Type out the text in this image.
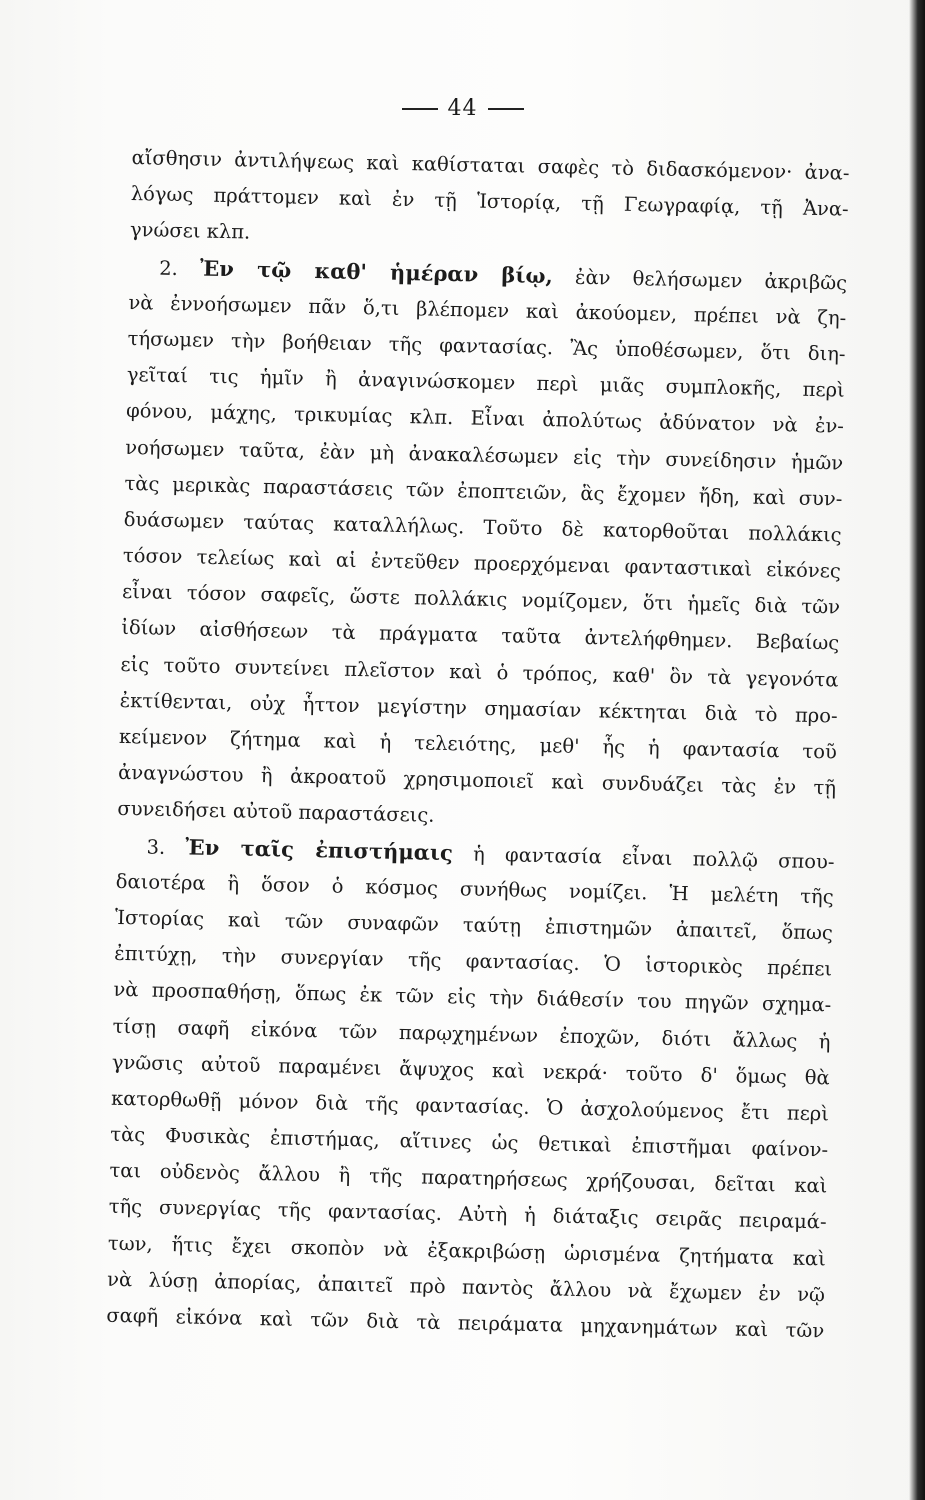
44
αἴσθησιν ἀντιλήψεως καὶ καθίσταται σαφὲς τὸ διδασκόμενον· ἀνα-
λόγως πράττομεν καὶ ἐν τῇ Ἱστορίᾳ, τῇ Γεωγραφίᾳ, τῇ Ἀνα-
γνώσει κλπ.
2. Ἐν τῷ καθ' ἡμέραν βίῳ, ἐὰν θελήσωμεν ἀκριβῶς
νὰ ἐννοήσωμεν πᾶν ὅ,τι βλέπομεν καὶ ἀκούομεν, πρέπει νὰ ζη-
τήσωμεν τὴν βοήθειαν τῆς φαντασίας. Ἂς ὑποθέσωμεν, ὅτι διη-
γεῖταί τις ἡμῖν ἢ ἀναγινώσκομεν περὶ μιᾶς συμπλοκῆς, περὶ
φόνου, μάχης, τρικυμίας κλπ. Εἶναι ἀπολύτως ἀδύνατον νὰ ἐν-
νοήσωμεν ταῦτα, ἐὰν μὴ ἀνακαλέσωμεν εἰς τὴν συνείδησιν ἡμῶν
τὰς μερικὰς παραστάσεις τῶν ἐποπτειῶν, ἃς ἔχομεν ἤδη, καὶ συν-
δυάσωμεν ταύτας καταλλήλως. Τοῦτο δὲ κατορθοῦται πολλάκις
τόσον τελείως καὶ αἱ ἐντεῦθεν προερχόμεναι φανταστικαὶ εἰκόνες
εἶναι τόσον σαφεῖς, ὥστε πολλάκις νομίζομεν, ὅτι ἡμεῖς διὰ τῶν
ἰδίων αἰσθήσεων τὰ πράγματα ταῦτα ἀντελήφθημεν. Βεβαίως
εἰς τοῦτο συντείνει πλεῖστον καὶ ὁ τρόπος, καθ' ὃν τὰ γεγονότα
ἐκτίθενται, οὐχ ἧττον μεγίστην σημασίαν κέκτηται διὰ τὸ προ-
κείμενον ζήτημα καὶ ἡ τελειότης, μεθ' ἧς ἡ φαντασία τοῦ
ἀναγνώστου ἢ ἀκροατοῦ χρησιμοποιεῖ καὶ συνδυάζει τὰς ἐν τῇ
συνειδήσει αὐτοῦ παραστάσεις.
3. Ἐν ταῖς ἐπιστήμαις ἡ φαντασία εἶναι πολλῷ σπου-
δαιοτέρα ἢ ὅσον ὁ κόσμος συνήθως νομίζει. Ἡ μελέτη τῆς
Ἱστορίας καὶ τῶν συναφῶν ταύτῃ ἐπιστημῶν ἀπαιτεῖ, ὅπως
ἐπιτύχῃ, τὴν συνεργίαν τῆς φαντασίας. Ὁ ἱστορικὸς πρέπει
νὰ προσπαθήσῃ, ὅπως ἐκ τῶν εἰς τὴν διάθεσίν του πηγῶν σχημα-
τίσῃ σαφῆ εἰκόνα τῶν παρῳχημένων ἐποχῶν, διότι ἄλλως ἡ
γνῶσις αὐτοῦ παραμένει ἄψυχος καὶ νεκρά· τοῦτο δ' ὅμως θὰ
κατορθωθῇ μόνον διὰ τῆς φαντασίας. Ὁ ἀσχολούμενος ἔτι περὶ
τὰς Φυσικὰς ἐπιστήμας, αἵτινες ὡς θετικαὶ ἐπιστῆμαι φαίνον-
ται οὐδενὸς ἄλλου ἢ τῆς παρατηρήσεως χρήζουσαι, δεῖται καὶ
τῆς συνεργίας τῆς φαντασίας. Αὐτὴ ἡ διάταξις σειρᾶς πειραμά-
των, ἥτις ἔχει σκοπὸν νὰ ἐξακριβώσῃ ὡρισμένα ζητήματα καὶ
νὰ λύσῃ ἀπορίας, ἀπαιτεῖ πρὸ παντὸς ἄλλου νὰ ἔχωμεν ἐν νῷ
σαφῆ εἰκόνα καὶ τῶν διὰ τὰ πειράματα μηχανημάτων καὶ τῶν
